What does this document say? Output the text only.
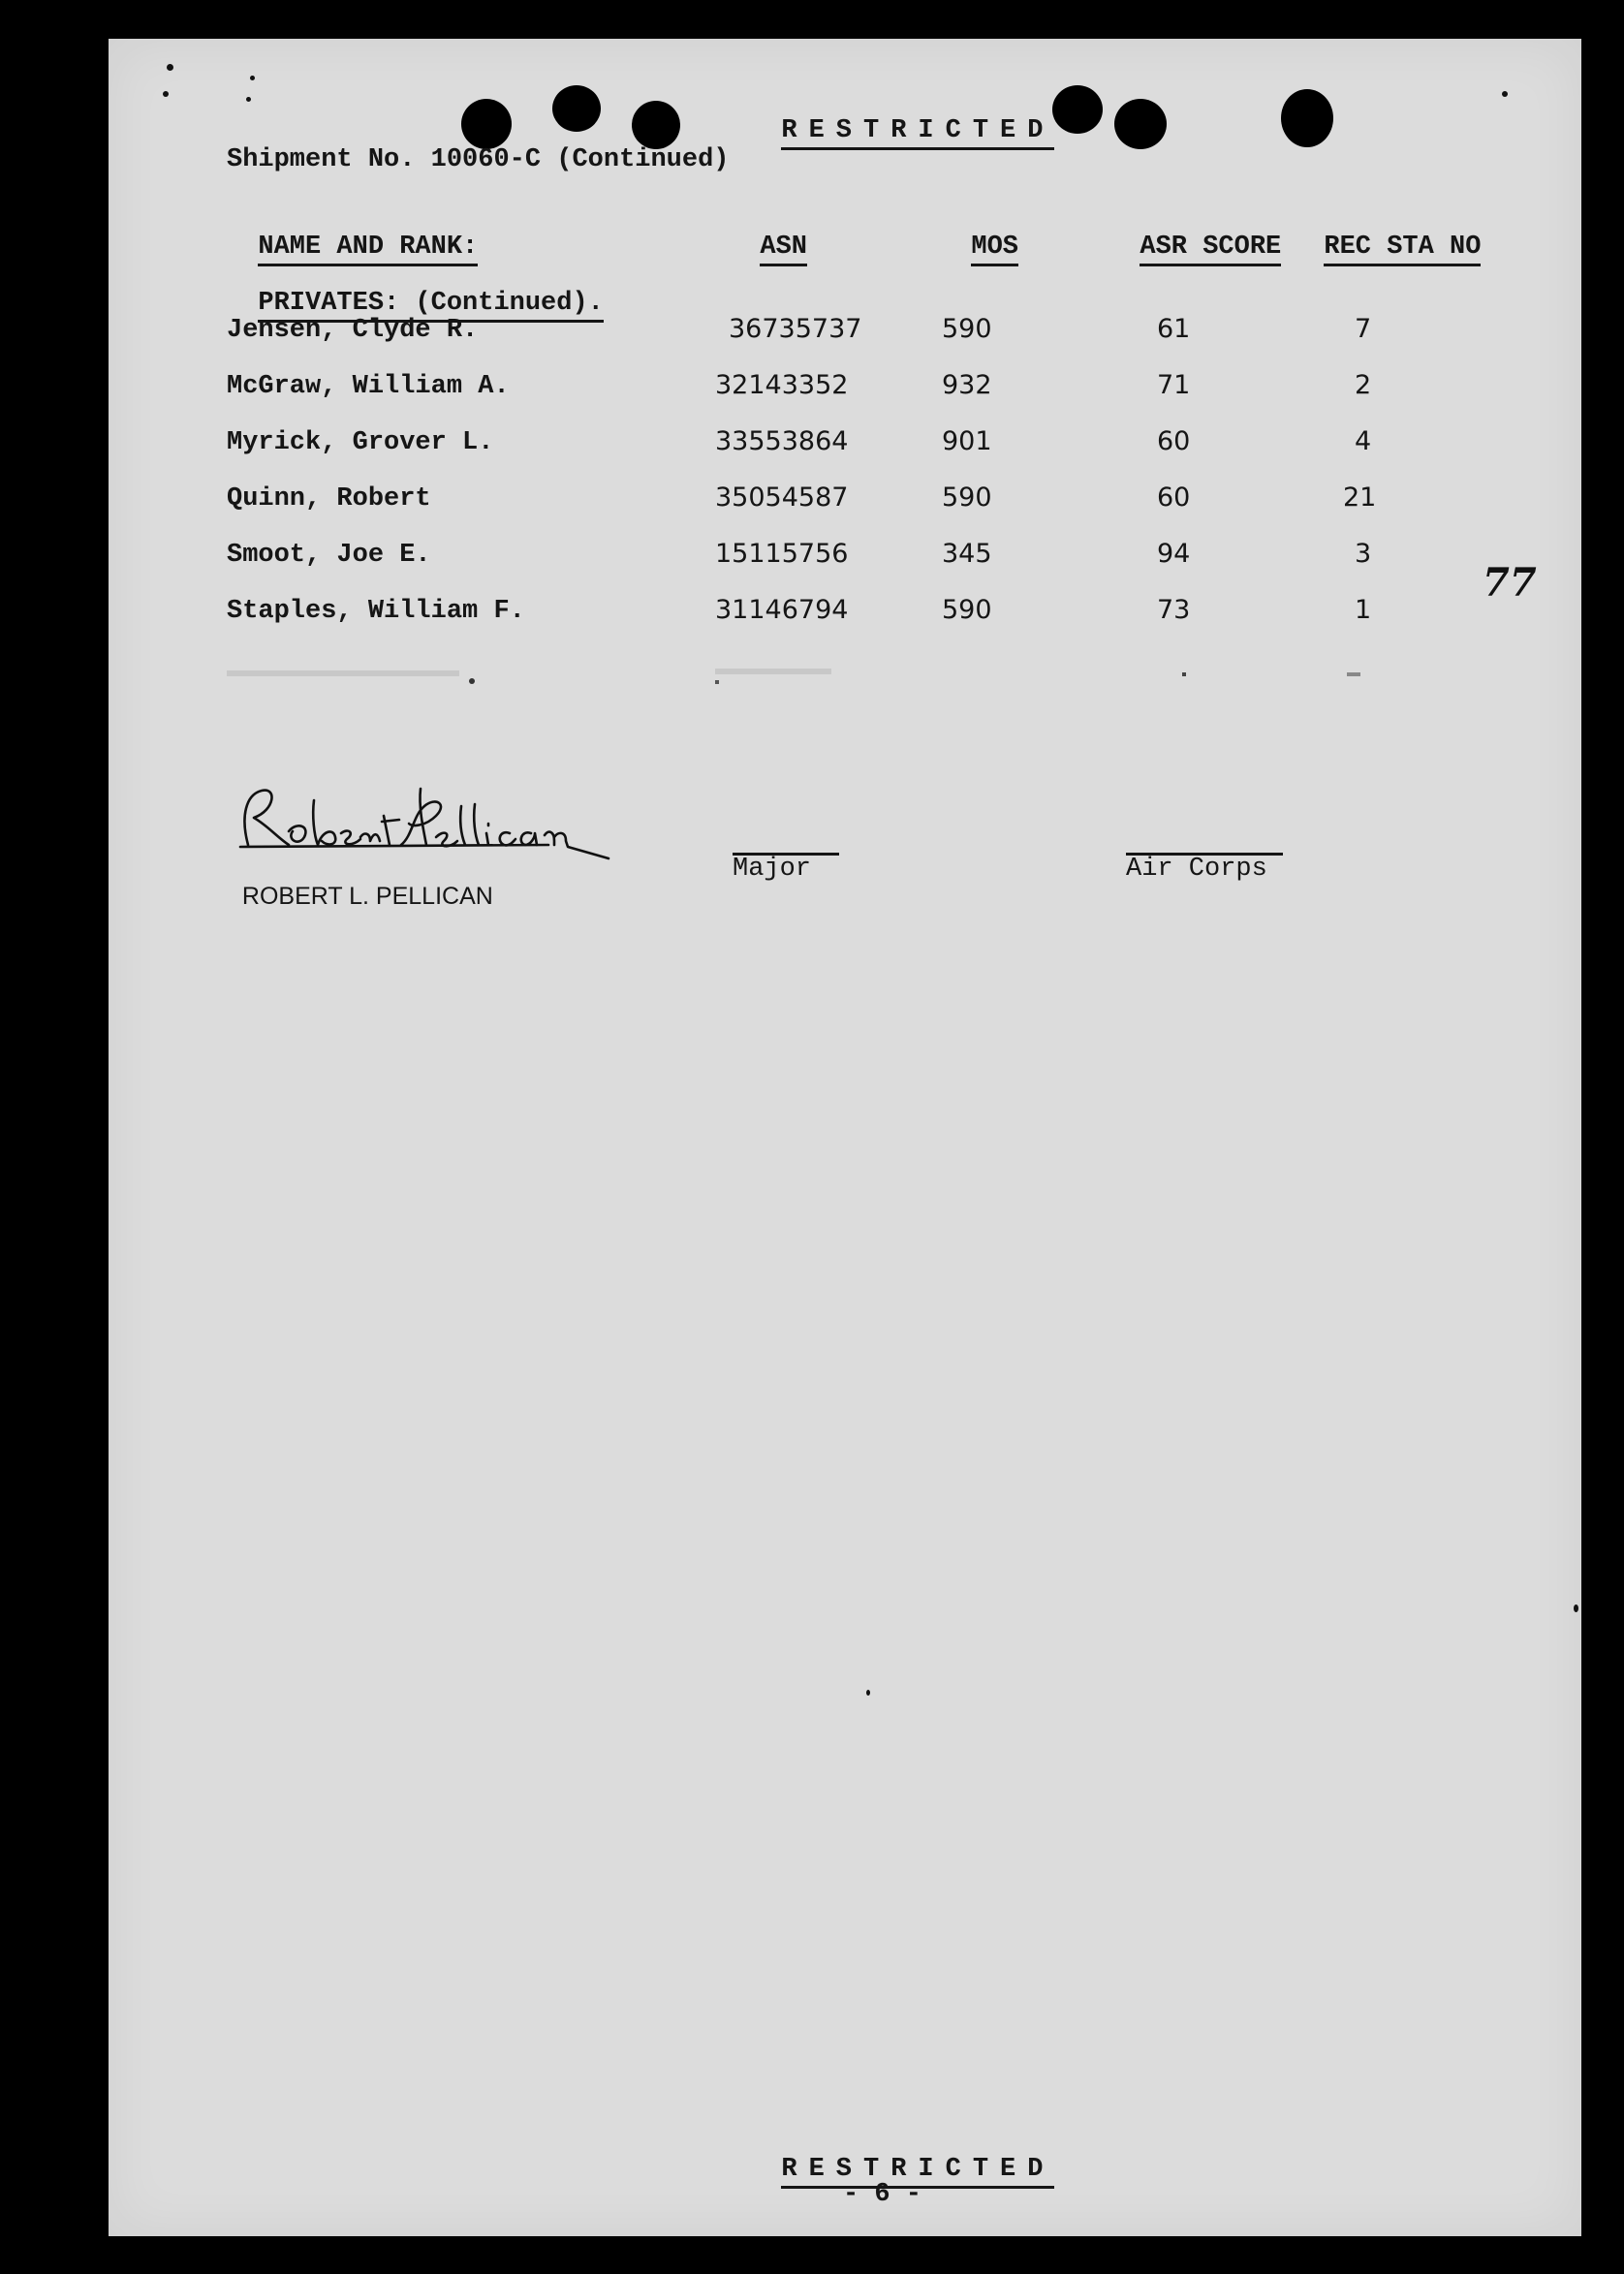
RESTRICTED

Shipment No. 10060-C (Continued)

NAME AND RANK:	ASN	MOS	ASR SCORE	REC STA NO

PRIVATES: (Continued).

Jensen, Clyde R.	36735737	590	61	7
McGraw, William A.	32143352	932	71	2
Myrick, Grover L.	33553864	901	60	4
Quinn, Robert	35054587	590	60	21
Smoot, Joe E.	15115756	345	94	3
Staples, William F.	31146794	590	73	1
77

ROBERT L. PELLICAN

Major	Air Corps

RESTRICTED

- 6 -
